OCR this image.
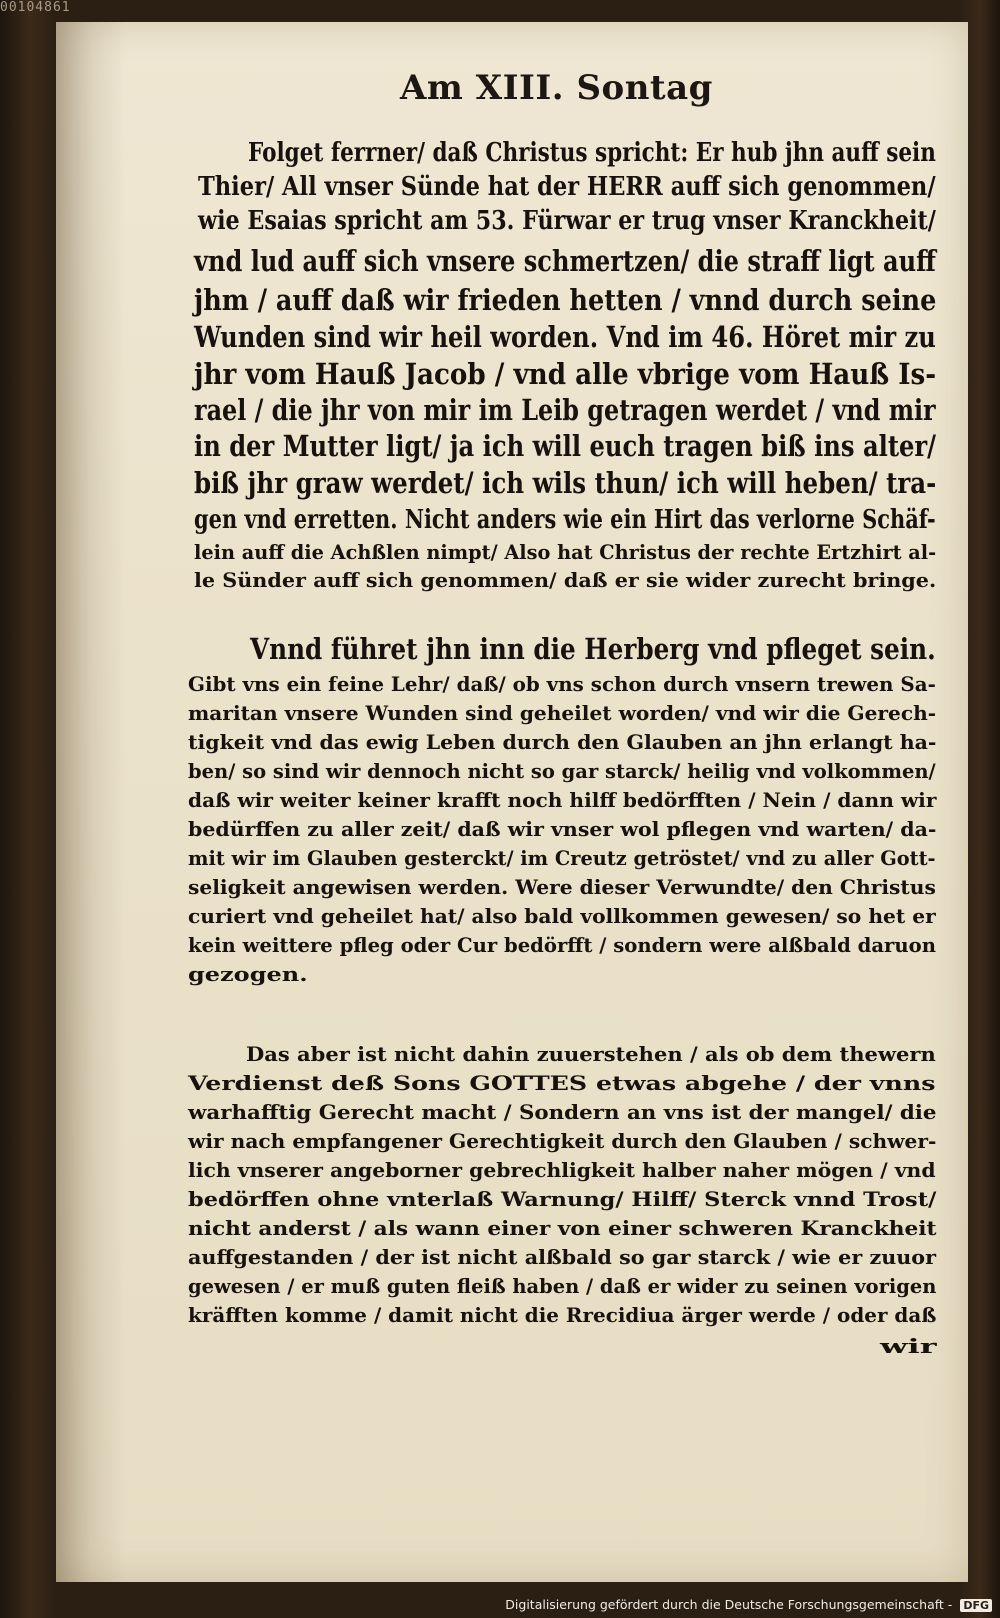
00104861
Am XIII. Sontag
Folget ferrner/ daß Christus spricht: Er hub jhn auff sein
Thier/ All vnser Sünde hat der HERR auff sich genommen/
wie Esaias spricht am 53. Fürwar er trug vnser Kranckheit/
vnd lud auff sich vnsere schmertzen/ die straff ligt auff
jhm / auff daß wir frieden hetten / vnnd durch seine
Wunden sind wir heil worden. Vnd im 46. Höret mir zu
jhr vom Hauß Jacob / vnd alle vbrige vom Hauß Is-
rael / die jhr von mir im Leib getragen werdet / vnd mir
in der Mutter ligt/ ja ich will euch tragen biß ins alter/
biß jhr graw werdet/ ich wils thun/ ich will heben/ tra-
gen vnd erretten. Nicht anders wie ein Hirt das verlorne Schäf-
lein auff die Achßlen nimpt/ Also hat Christus der rechte Ertzhirt al-
le Sünder auff sich genommen/ daß er sie wider zurecht bringe.
Vnnd führet jhn inn die Herberg vnd pfleget sein.
Gibt vns ein feine Lehr/ daß/ ob vns schon durch vnsern trewen Sa-
maritan vnsere Wunden sind geheilet worden/ vnd wir die Gerech-
tigkeit vnd das ewig Leben durch den Glauben an jhn erlangt ha-
ben/ so sind wir dennoch nicht so gar starck/ heilig vnd volkommen/
daß wir weiter keiner krafft noch hilff bedörfften / Nein / dann wir
bedürffen zu aller zeit/ daß wir vnser wol pflegen vnd warten/ da-
mit wir im Glauben gesterckt/ im Creutz getröstet/ vnd zu aller Gott-
seligkeit angewisen werden. Were dieser Verwundte/ den Christus
curiert vnd geheilet hat/ also bald vollkommen gewesen/ so het er
kein weittere pfleg oder Cur bedörfft / sondern were alßbald daruon
gezogen.
Das aber ist nicht dahin zuuerstehen / als ob dem thewern
Verdienst deß Sons GOTTES etwas abgehe / der vnns
warhafftig Gerecht macht / Sondern an vns ist der mangel/ die
wir nach empfangener Gerechtigkeit durch den Glauben / schwer-
lich vnserer angeborner gebrechligkeit halber naher mögen / vnd
bedörffen ohne vnterlaß Warnung/ Hilff/ Sterck vnnd Trost/
nicht anderst / als wann einer von einer schweren Kranckheit
auffgestanden / der ist nicht alßbald so gar starck / wie er zuuor
gewesen / er muß guten fleiß haben / daß er wider zu seinen vorigen
kräfften komme / damit nicht die Rrecidiua ärger werde / oder daß
wir
Digitalisierung gefördert durch die Deutsche Forschungsgemeinschaft - DFG
